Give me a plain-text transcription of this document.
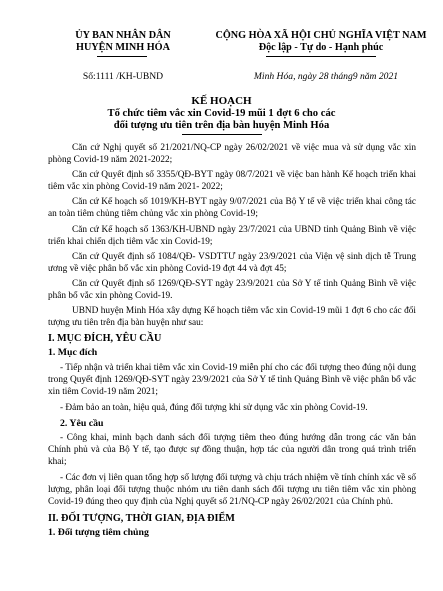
ỦY BAN NHÂN DÂN
HUYỆN MINH HÓA
CỘNG HÒA XÃ HỘI CHỦ NGHĨA VIỆT NAM
Độc lập - Tự do - Hạnh phúc
Số:1111 /KH-UBND	Minh Hóa, ngày 28 tháng9 năm 2021
KẾ HOẠCH
Tổ chức tiêm vắc xin Covid-19 mũi 1 đợt 6 cho các
đối tượng ưu tiên trên địa bàn huyện Minh Hóa
Căn cứ Nghị quyết số 21/2021/NQ-CP ngày 26/02/2021 về việc mua và sử dụng vắc xin phòng Covid-19 năm 2021-2022;
Căn cứ Quyết định số 3355/QĐ-BYT ngày 08/7/2021 về việc ban hành Kế hoạch triển khai tiêm vắc xin phòng Covid-19 năm 2021- 2022;
Căn cứ Kế hoạch số 1019/KH-BYT ngày 9/07/2021 của Bộ Y tế về việc triển khai công tác an toàn tiêm chủng tiêm chủng vắc xin phòng Covid-19;
Căn cứ Kế hoạch số 1363/KH-UBND ngày 23/7/2021 của UBND tỉnh Quảng Bình về việc triển khai chiến dịch tiêm vắc xin Covid-19;
Căn cứ Quyết định số 1084/QĐ- VSDTTƯ ngày 23/9/2021 của Viện vệ sinh dịch tễ Trung ương về việc phân bổ vắc xin phòng Covid-19 đợt 44 và đợt 45;
Căn cứ Quyết định số 1269/QĐ-SYT ngày 23/9/2021 của Sở Y tế tỉnh Quảng Bình về việc phân bổ vắc xin phòng Covid-19.
UBND huyện Minh Hóa xây dựng Kế hoạch tiêm vắc xin Covid-19 mũi 1 đợt 6 cho các đối tượng ưu tiên trên địa bàn huyện như sau:
I. MỤC ĐÍCH, YÊU CẦU
1. Mục đích
- Tiếp nhận và triển khai tiêm vắc xin Covid-19 miễn phí cho các đối tượng theo đúng nội dung trong Quyết định 1269/QĐ-SYT ngày 23/9/2021 của Sở Y tế tỉnh Quảng Bình về việc phân bổ vắc xin tiêm Covid-19 năm 2021;
- Đảm bảo an toàn, hiệu quả, đúng đối tượng khi sử dụng vắc xin phòng Covid-19.
2. Yêu cầu
- Công khai, minh bạch danh sách đối tượng tiêm theo đúng hướng dẫn trong các văn bản Chính phủ và của Bộ Y tế, tạo được sự đồng thuận, hợp tác của người dân trong quá trình triển khai;
- Các đơn vị liên quan tổng hợp số lượng đối tượng và chịu trách nhiệm về tính chính xác về số lượng, phân loại đối tượng thuộc nhóm ưu tiên danh sách đối tượng ưu tiên tiêm vắc xin phòng Covid-19 đúng theo quy định của Nghị quyết số 21/NQ-CP ngày 26/02/2021 của Chính phủ.
II. ĐỐI TƯỢNG, THỜI GIAN, ĐỊA ĐIỂM
1. Đối tượng tiêm chủng
